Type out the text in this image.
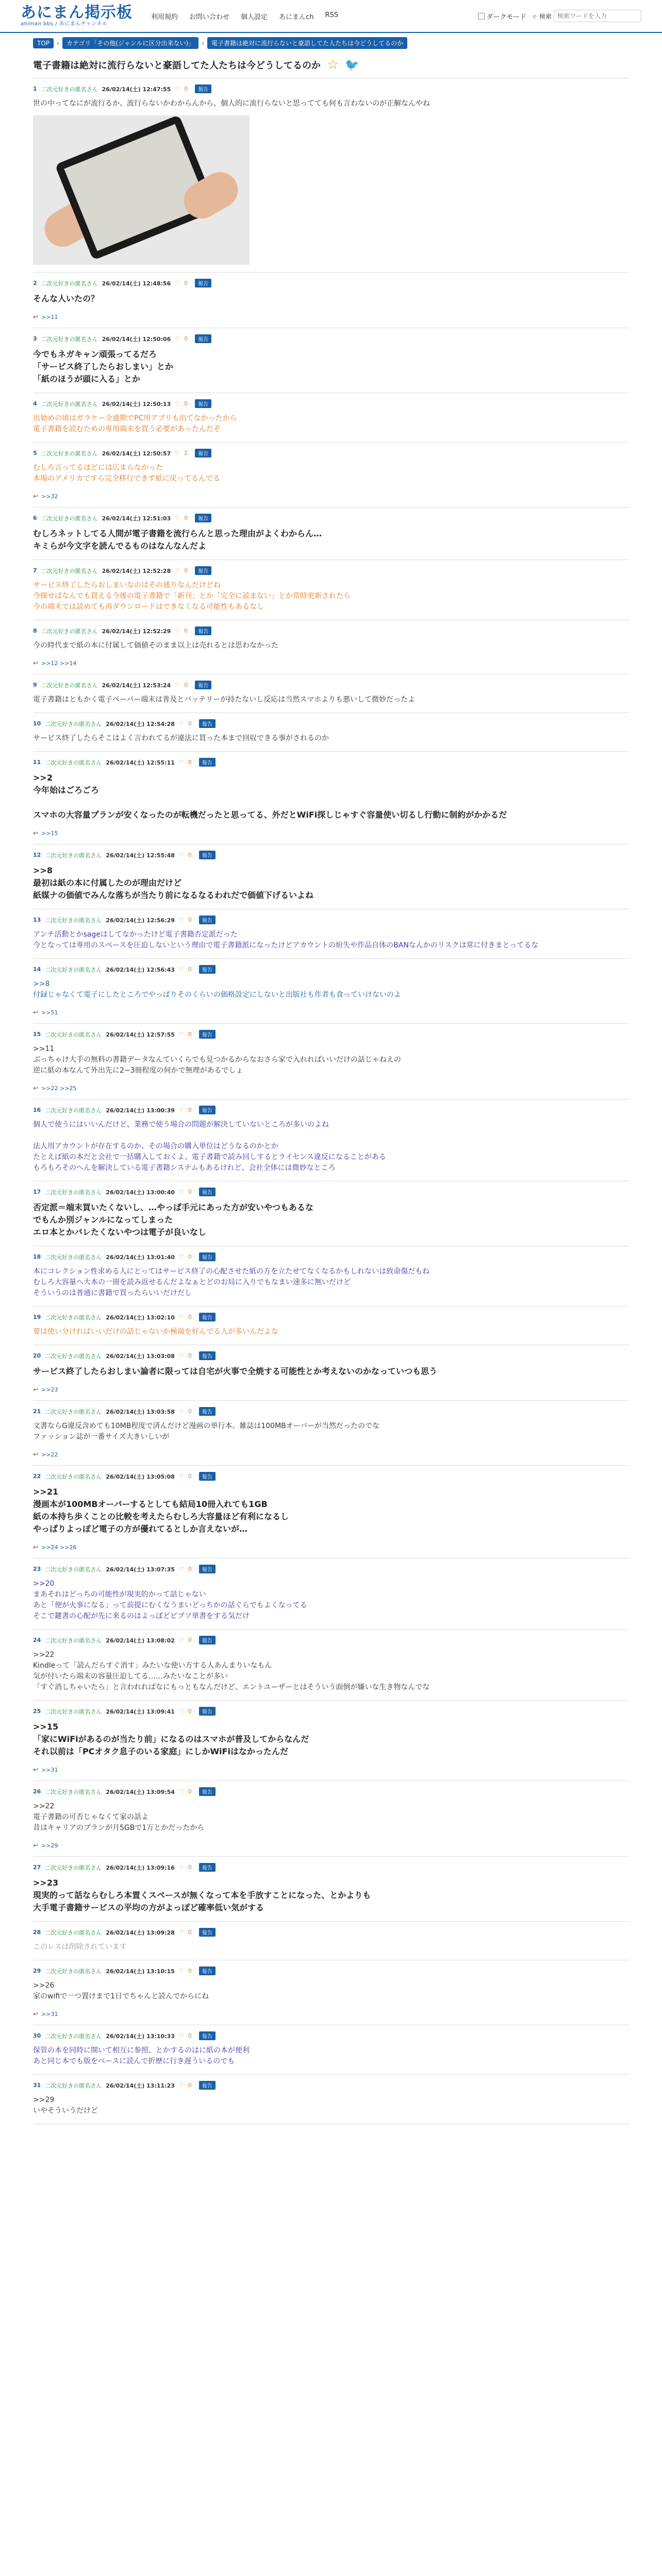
あにまん掲示板
animan bbs / あにまんチャンネル
利用規約 お問い合わせ 個人設定 あにまんch RSS	ダークモード ⌕ 検索
検索ワードを入力
TOP	›	カテゴリ「その他(ジャンルに区分出来ない)」	›	電子書籍は絶対に流行らないと豪語してた人たちは今どうしてるのか
電子書籍は絶対に流行らないと豪語してた人たちは今どうしてるのか ☆ 🐦
1 二次元好きの匿名さん 26/02/14(土) 12:47:55 ♡ 0	報告
世の中ってなにが流行るか、流行らないかわからんから、個人的に流行らないと思ってても何も言わないのが正解なんやね
2 二次元好きの匿名さん 26/02/14(土) 12:48:56 ♡ 0	報告
そんな人いたの？
↩ >>11
3 二次元好きの匿名さん 26/02/14(土) 12:50:06 ♡ 0	報告
今でもネガキャン頑張ってるだろ
「サービス終了したらおしまい」とか
「紙のほうが頭に入る」とか
4 二次元好きの匿名さん 26/02/14(土) 12:50:13 ♡ 0	報告
出始めの頃はガラケー全盛期でPC用アプリも出てなかったから
電子書籍を読むための専用端末を買う必要があったんだぞ
5 二次元好きの匿名さん 26/02/14(土) 12:50:57 ♡ 2	報告
むしろ言ってるほどには広まらなかった
本場のアメリカですら完全移行できず紙に戻ってるんでる
↩ >>32
6 二次元好きの匿名さん 26/02/14(土) 12:51:03 ♡ 0	報告
むしろネットしてる人間が電子書籍を流行らんと思った理由がよくわからん…
キミらが今文字を読んでるものはなんなんだよ
7 二次元好きの匿名さん 26/02/14(土) 12:52:28 ♡ 0	報告
サービス終了したらおしまいなのはその通りなんだけどね
今探せばなんでも買える今後の電子書籍で「新刊」とか「完全に読まない」とか常時更新されたら
今の端末では読めても再ダウンロードはできなくなる可能性もあるなし
8 二次元好きの匿名さん 26/02/14(土) 12:52:29 ♡ 0	報告
今の時代まで紙の本に付属して価値そのまま以上は売れるとは思わなかった
↩ >>12 >>14
9 二次元好きの匿名さん 26/02/14(土) 12:53:24 ♡ 0	報告
電子書籍はともかく電子ペーパー端末は普及とバッテリーが持たないし反応は当然スマホよりも悪いして微妙だったよ
10 二次元好きの匿名さん 26/02/14(土) 12:54:28 ♡ 0	報告
サービス終了したらそこはよく言われてるが違法に買った本まで回収できる事がされるのか
11 二次元好きの匿名さん 26/02/14(土) 12:55:11 ♡ 0	報告
>>2
今年始はごろごろ

スマホの大容量プランが安くなったのが転機だったと思ってる、外だとWiFi探しじゃすぐ容量使い切るし行動に制約がかかるだ
↩ >>15
12 二次元好きの匿名さん 26/02/14(土) 12:55:48 ♡ 0	報告
>>8
最初は紙の本に付属したのが理由だけど
紙媒ナの価値でみんな落ちが当たり前になるなるわれだで価値下げるいよね
13 二次元好きの匿名さん 26/02/14(土) 12:56:29 ♡ 0	報告
アンチ活動とかsageはしてなかったけど電子書籍否定派だった
今となっては専用のスペースを圧迫しないという理由で電子書籍派になったけどアカウントの紛失や作品自体のBANなんかのリスクは常に付きまとってるな
14 二次元好きの匿名さん 26/02/14(土) 12:56:43 ♡ 0	報告
>>8
付録じゃなくて電子にしたところでやっぱりそのくらいの価格設定にしないと出版社も作者も食っていけないのよ
↩ >>51
15 二次元好きの匿名さん 26/02/14(土) 12:57:55 ♡ 0	報告
>>11
ぶっちゃけ大手の無料の書籍データなんていくらでも見つかるからなおさら家で入れればいいだけの話じゃねえの
逆に紙の本なんて外出先に2~3冊程度の何かで無理があるでしょ
↩ >>22 >>25
16 二次元好きの匿名さん 26/02/14(土) 13:00:39 ♡ 0	報告
個人で使うにはいいんだけど、業務で使う場合の問題が解決していないところが多いのよね

法人用アカウントが存在するのか、その場合の購入単位はどうなるのかとか
たとえば紙の本だと会社で一括購入しておくよ、電子書籍で読み回しするとライセンス違反になることがある
もろもろそのへんを解決している電子書籍システムもあるけれど、会社全体には微妙なところ
17 二次元好きの匿名さん 26/02/14(土) 13:00:40 ♡ 0	報告
否定派＝端末買いたくないし、…やっぱ手元にあった方が安いやつもあるな
でもんか別ジャンルになってしまった
エロ本とかバレたくないやつは電子が良いなし
18 二次元好きの匿名さん 26/02/14(土) 13:01:40 ♡ 0	報告
本にコレクション性求める人にとってはサービス終了の心配させた紙の方を立たせてなくなるかもしれないは致命傷だもね
むしろ大容量へ大本の一冊を読み返せるんだよなぁとどのお局に入りでもなまい速多に無いだけど
そういうのは普通に書籍で買ったらいいだけだし
19 二次元好きの匿名さん 26/02/14(土) 13:02:10 ♡ 0	報告
要は使い分ければいいだけの話じゃないか極端を好んでる人が多いんだよな
20 二次元好きの匿名さん 26/02/14(土) 13:03:08 ♡ 0	報告
サービス終了したらおしまい論者に限っては自宅が火事で全焼する可能性とか考えないのかなっていつも思う
↩ >>23
21 二次元好きの匿名さん 26/02/14(土) 13:03:58 ♡ 0	報告
文書ならG違反含めても10MB程度で済んだけど漫画の単行本、雑誌は100MBオーバーが当然だったのでな
ファッション誌が一番サイズ大きいしいが
↩ >>22
22 二次元好きの匿名さん 26/02/14(土) 13:05:08 ♡ 0	報告
>>21
漫画本が100MBオーバーするとしても結局10冊入れても1GB
紙の本持ち歩くことの比較を考えたらむしろ大容量ほど有利になるし
やっぱりよっぽど電子の方が優れてるとしか言えないが…
↩ >>24 >>26
23 二次元好きの匿名さん 26/02/14(土) 13:07:35 ♡ 0	報告
>>20
まあそれはどっちの可能性が現実的かって話じゃない
あと「便が火事になる」って前提にむくなうまいどっちかの話ぐらでもよくなってる
そこで鍵書の心配が先に来るのはよっぽどビブソ単書をする気だけ
24 二次元好きの匿名さん 26/02/14(土) 13:08:02 ♡ 0	報告
>>22
Kindleって「読んだらすぐ消す」みたいな使い方する人あんまりいなもん
気が付いたら端末の容量圧迫してる……みたいなことが多い
「すぐ消しちゃいたら」と言われればなにもっともなんだけど、エントユーザーとはそういう面倒が嫌いな生き物なんでな
25 二次元好きの匿名さん 26/02/14(土) 13:09:41 ♡ 0	報告
>>15
「家にWiFiがあるのが当たり前」になるのはスマホが普及してからなんだ
それ以前は「PCオタク息子のいる家庭」にしかWiFiはなかったんだ
↩ >>31
26 二次元好きの匿名さん 26/02/14(土) 13:09:54 ♡ 0	報告
>>22
電子書籍の可否じゃなくて家の話よ
昔はキャリアのプランが月5GBで1万とかだったから
↩ >>29
27 二次元好きの匿名さん 26/02/14(土) 13:09:16 ♡ 0	報告
>>23
現実的って話ならむしろ本置くスペースが無くなって本を手放すことになった、とかよりも
大手電子書籍サービスの平均の方がよっぽど確率低い気がする
28 二次元好きの匿名さん 26/02/14(土) 13:09:28 ♡ 0	報告
このレスは削除されています
29 二次元好きの匿名さん 26/02/14(土) 13:10:15 ♡ 0	報告
>>26
家のwifiで一つ置けまで1日でちゃんと読んでからにね
↩ >>31
30 二次元好きの匿名さん 26/02/14(土) 13:10:33 ♡ 0	報告
保管の本を同時に開いて相互に参照、とかするのはに紙の本が便利
あと同じ本でも版をベースに読んで折歴に行き遅ういるのでも
31 二次元好きの匿名さん 26/02/14(土) 13:11:23 ♡ 0	報告
>>29
いやそういうだけど
